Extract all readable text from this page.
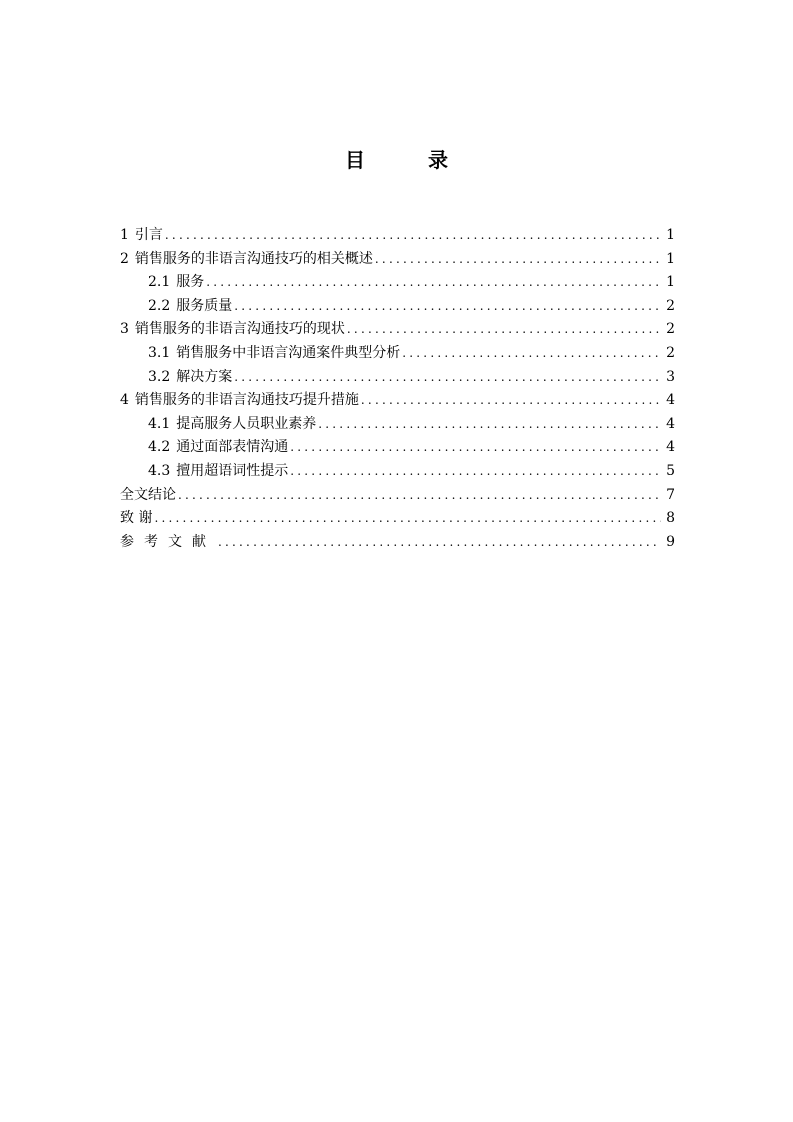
目 录
1 引言 .....	1
2 销售服务的非语言沟通技巧的相关概述 .....	1
2.1 服务 .....	1
2.2 服务质量 .....	2
3 销售服务的非语言沟通技巧的现状 .....	2
3.1 销售服务中非语言沟通案件典型分析 .....	2
3.2 解决方案 .....	3
4 销售服务的非语言沟通技巧提升措施 .....	4
4.1 提高服务人员职业素养 .....	4
4.2 通过面部表情沟通 .....	4
4.3 擅用超语词性提示 .....	5
全文结论 .....	7
致 谢 .....	8
参考文献 .....	9
